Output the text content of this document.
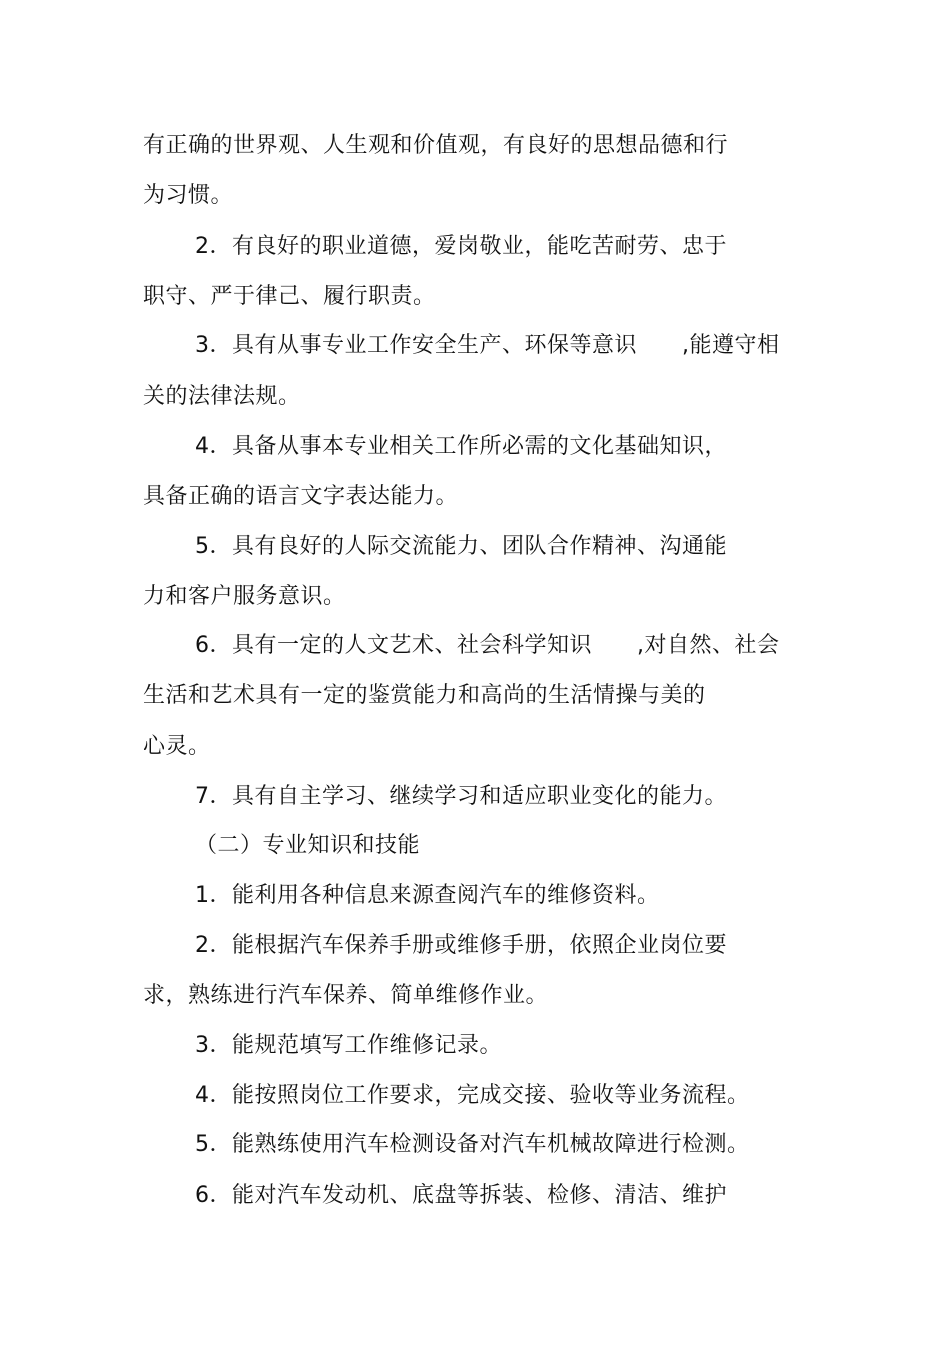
有正确的世界观、人生观和价值观，有良好的思想品德和行
为习惯。
2．有良好的职业道德，爱岗敬业，能吃苦耐劳、忠于
职守、严于律己、履行职责。
3．具有从事专业工作安全生产、环保等意识　　,能遵守相
关的法律法规。
4．具备从事本专业相关工作所必需的文化基础知识，
具备正确的语言文字表达能力。
5．具有良好的人际交流能力、团队合作精神、沟通能
力和客户服务意识。
6．具有一定的人文艺术、社会科学知识　　,对自然、社会
生活和艺术具有一定的鉴赏能力和高尚的生活情操与美的
心灵。
7．具有自主学习、继续学习和适应职业变化的能力。
（二）专业知识和技能
1．能利用各种信息来源查阅汽车的维修资料。
2．能根据汽车保养手册或维修手册，依照企业岗位要
求，熟练进行汽车保养、简单维修作业。
3．能规范填写工作维修记录。
4．能按照岗位工作要求，完成交接、验收等业务流程。
5．能熟练使用汽车检测设备对汽车机械故障进行检测。
6．能对汽车发动机、底盘等拆装、检修、清洁、维护
